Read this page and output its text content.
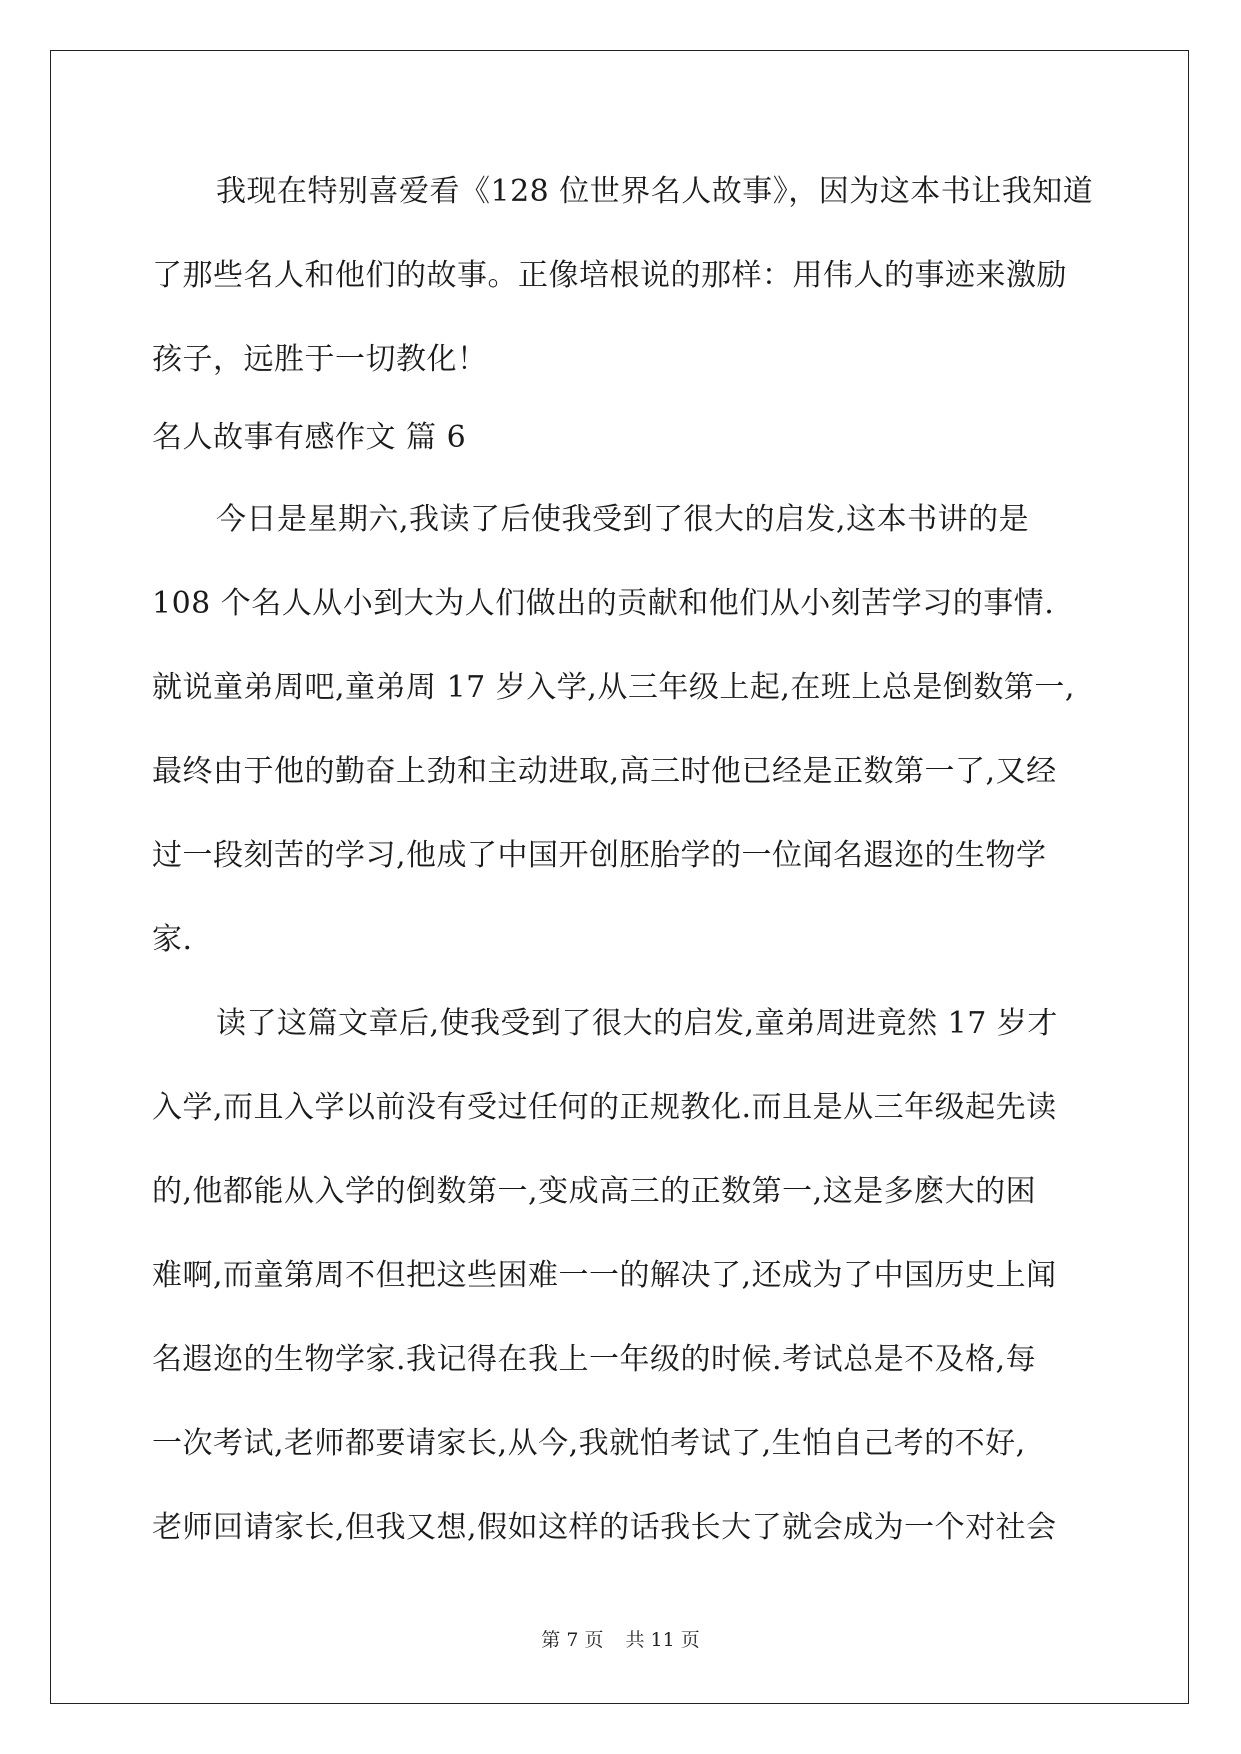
我现在特别喜爱看《128 位世界名人故事》，因为这本书让我知道
了那些名人和他们的故事。正像培根说的那样：用伟人的事迹来激励
孩子，远胜于一切教化！
名人故事有感作文 篇 6
今日是星期六,我读了后使我受到了很大的启发,这本书讲的是
108 个名人从小到大为人们做出的贡献和他们从小刻苦学习的事情.
就说童弟周吧,童弟周 17 岁入学,从三年级上起,在班上总是倒数第一,
最终由于他的勤奋上劲和主动进取,高三时他已经是正数第一了,又经
过一段刻苦的学习,他成了中国开创胚胎学的一位闻名遐迩的生物学
家.
读了这篇文章后,使我受到了很大的启发,童弟周进竟然 17 岁才
入学,而且入学以前没有受过任何的正规教化.而且是从三年级起先读
的,他都能从入学的倒数第一,变成高三的正数第一,这是多麽大的困
难啊,而童第周不但把这些困难一一的解决了,还成为了中国历史上闻
名遐迩的生物学家.我记得在我上一年级的时候.考试总是不及格,每
一次考试,老师都要请家长,从今,我就怕考试了,生怕自己考的不好,
老师回请家长,但我又想,假如这样的话我长大了就会成为一个对社会
第 7 页 共 11 页
